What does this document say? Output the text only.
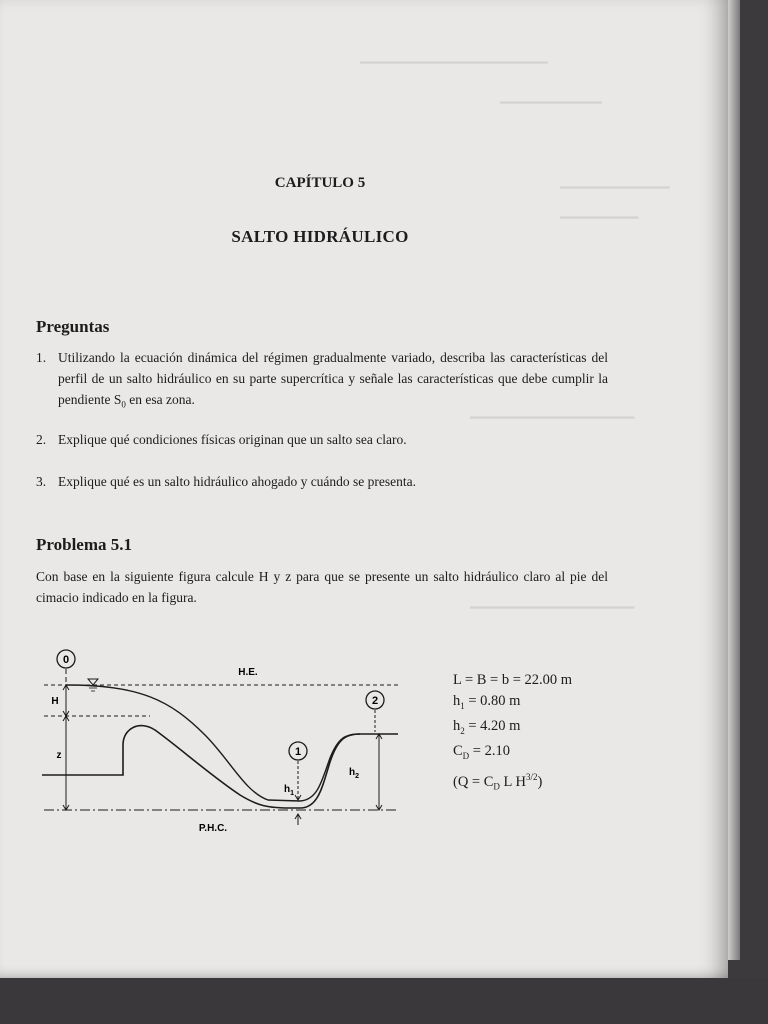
━━━━━━━━━━━━━━━━━━━━━━━━
━━━━━━━━━━━━━
━━━━━━━━━━━━━━
━━━━━━━━━━
━━━━━━━━━━━━━━━━━━━━━
━━━━━━━━━━━━━━━━━━━━━
CAPÍTULO 5
SALTO HIDRÁULICO
Preguntas
1. Utilizando la ecuación dinámica del régimen gradualmente variado, describa las características del perfil de un salto hidráulico en su parte supercrítica y señale las características que debe cumplir la pendiente $S_0$ en esa zona.
2. Explique qué condiciones físicas originan que un salto sea claro.
3. Explique qué es un salto hidráulico ahogado y cuándo se presenta.
Problema 5.1
Con base en la siguiente figura calcule H y z para que se presente un salto hidráulico claro al pie del cimacio indicado en la figura.
0
H.E.
H
z
P.H.C.
1
$h_1$
2
$h_2$
L = B = b = 22.00 m
$h_1 = 0.80$ m
$h_2 = 4.20$ m
$C_D = 2.10$
($Q = C_D$ L $H^{3/2}$)
